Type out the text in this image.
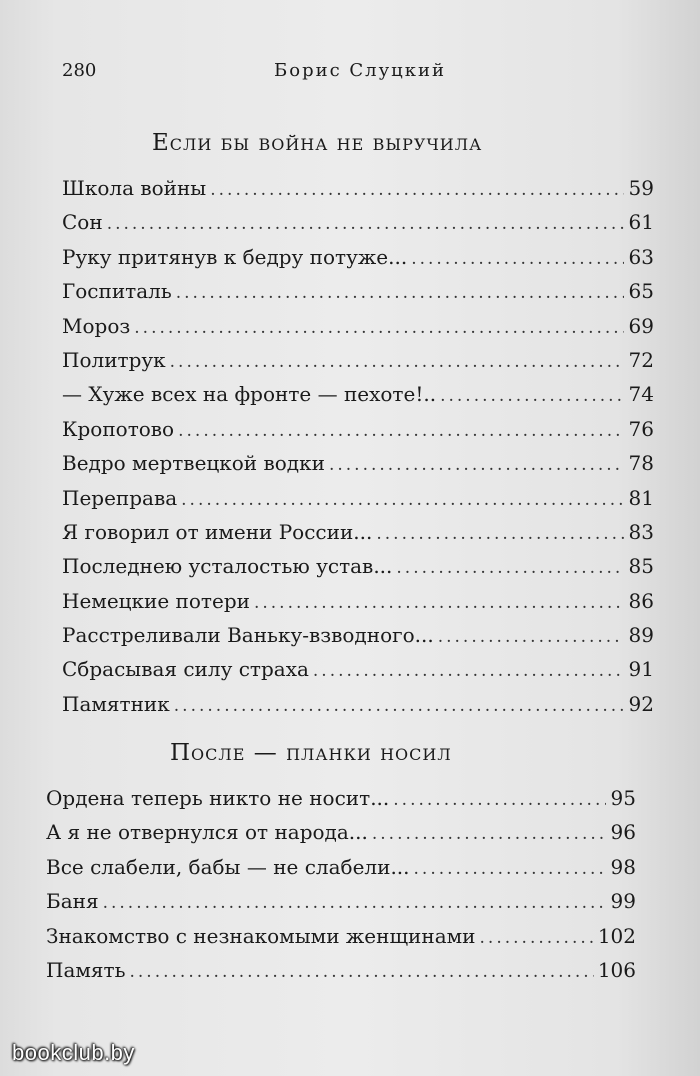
280	Борис Слуцкий
Если бы война не выручила
Школа войны .....	59
Сон .....	61
Руку притянув к бедру потуже... .....	63
Госпиталь .....	65
Мороз .....	69
Политрук .....	72
— Хуже всех на фронте — пехоте!.. .....	74
Кропотово .....	76
Ведро мертвецкой водки .....	78
Переправа .....	81
Я говорил от имени России... .....	83
Последнею усталостью устав... .....	85
Немецкие потери .....	86
Расстреливали Ваньку-взводного... .....	89
Сбрасывая силу страха .....	91
Памятник .....	92
После — планки носил
Ордена теперь никто не носит... .....	95
А я не отвернулся от народа... .....	96
Все слабели, бабы — не слабели... .....	98
Баня .....	99
Знакомство с незнакомыми женщинами .....	102
Память .....	106
bookclub.by
